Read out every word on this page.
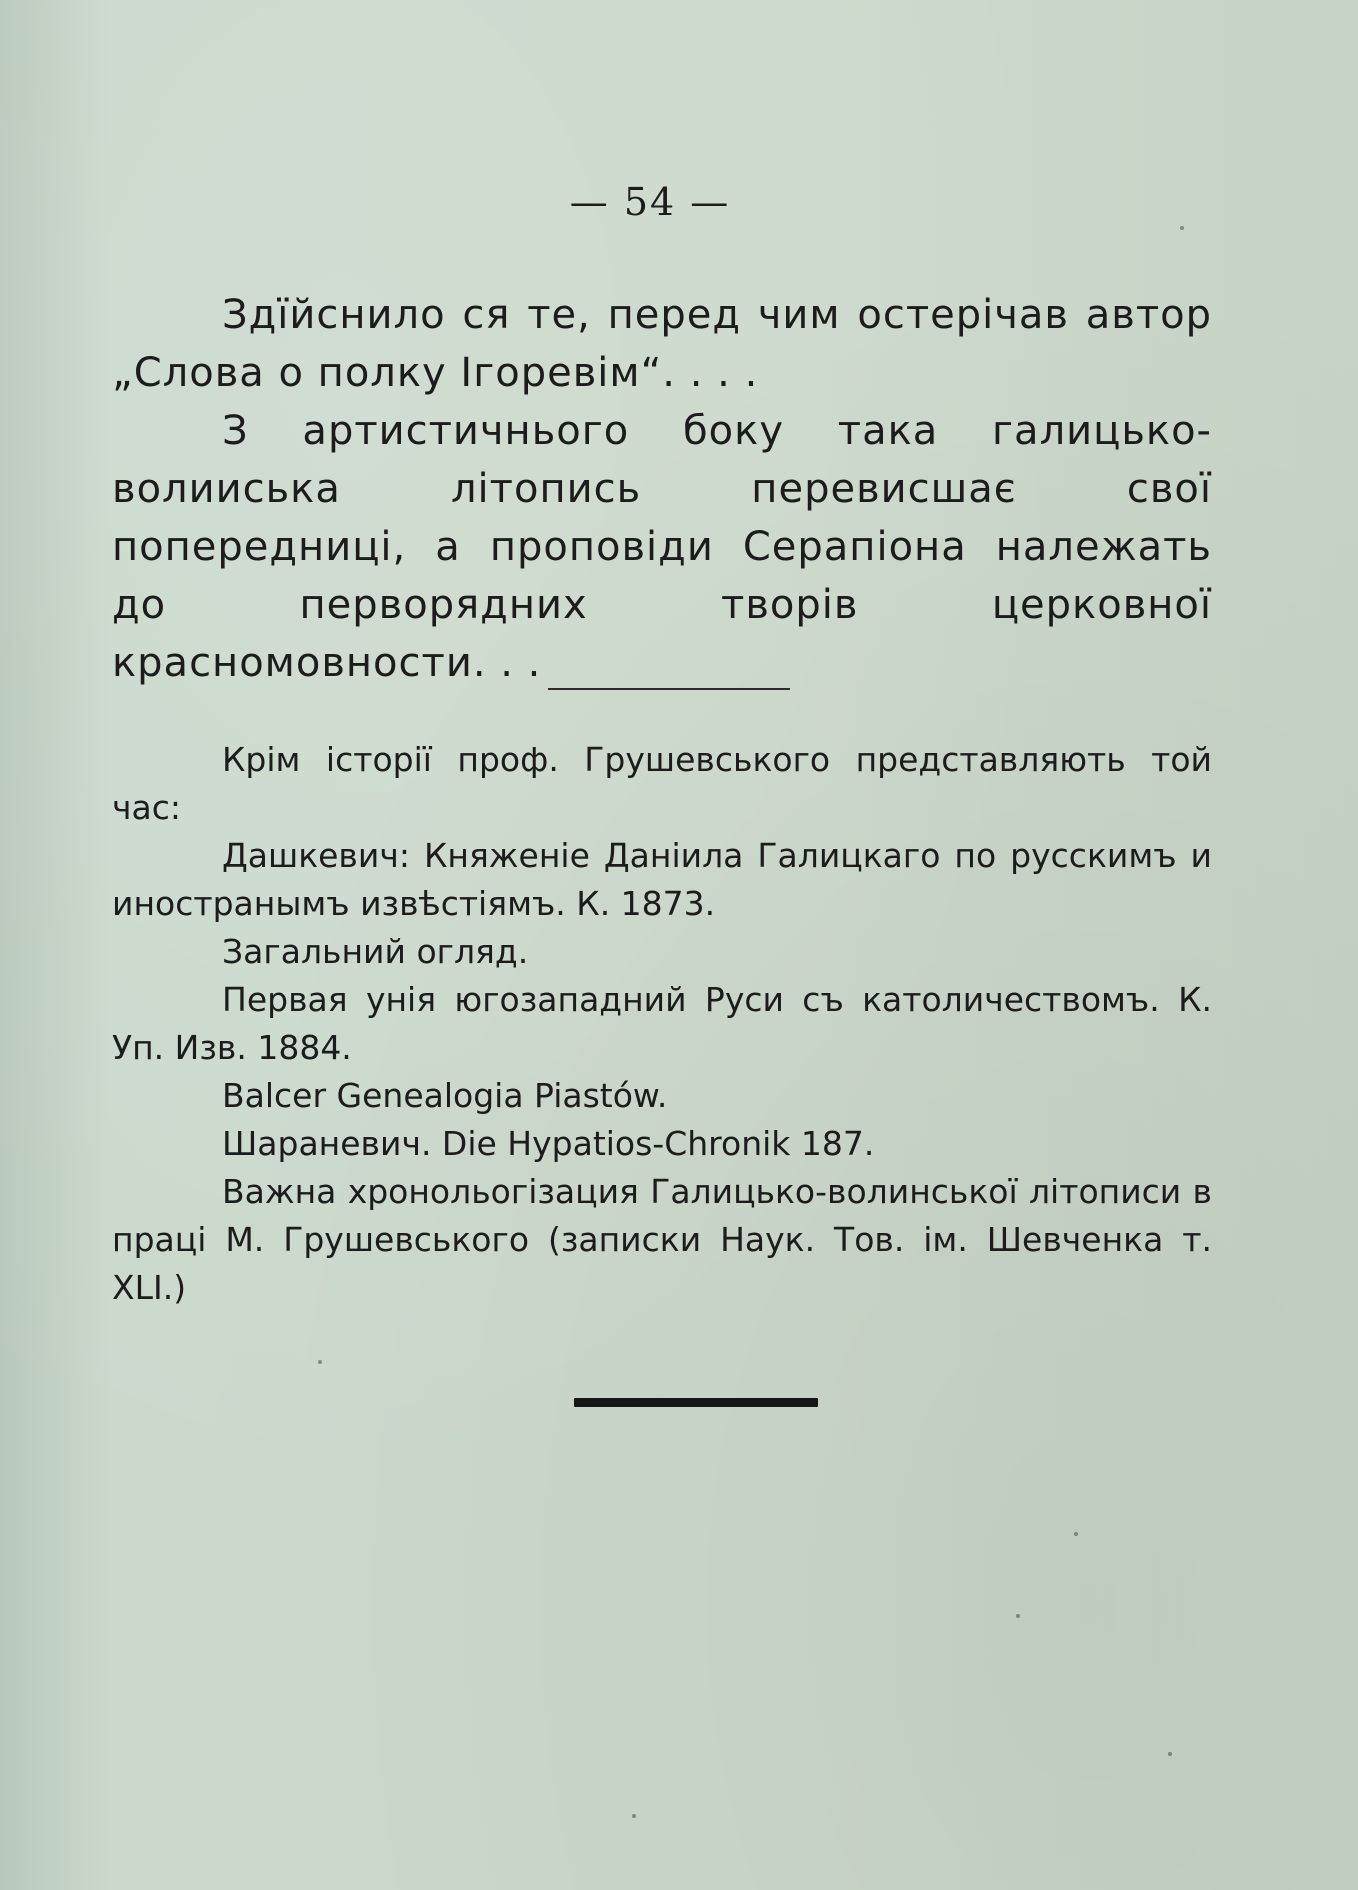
— 54 —

Здїйснило ся те, перед чим остерічав автор „Слова о полку Ігоревім“. . . .

З артистичнього боку така галицько-волииська літопись перевисшає свої попередниці, а проповіди Серапіона належать до перворядних творів церковної красномовности. . .

Крім історії проф. Грушевського представляють той час:

Дашкевич: Княженіе Даніила Галицкаго по русскимъ и иностранымъ извѣстіямъ. К. 1873.

Загальний огляд.

Первая унія югозападний Руси съ католичествомъ. К. Уп. Изв. 1884.

Balcer Genealogia Piastów.

Шараневич. Die Hypatios-Chronik 187.

Важна хронольогізация Галицько-волинської літописи в праці М. Грушевського (записки Наук. Тов. ім. Шевченка т. XLI.)
